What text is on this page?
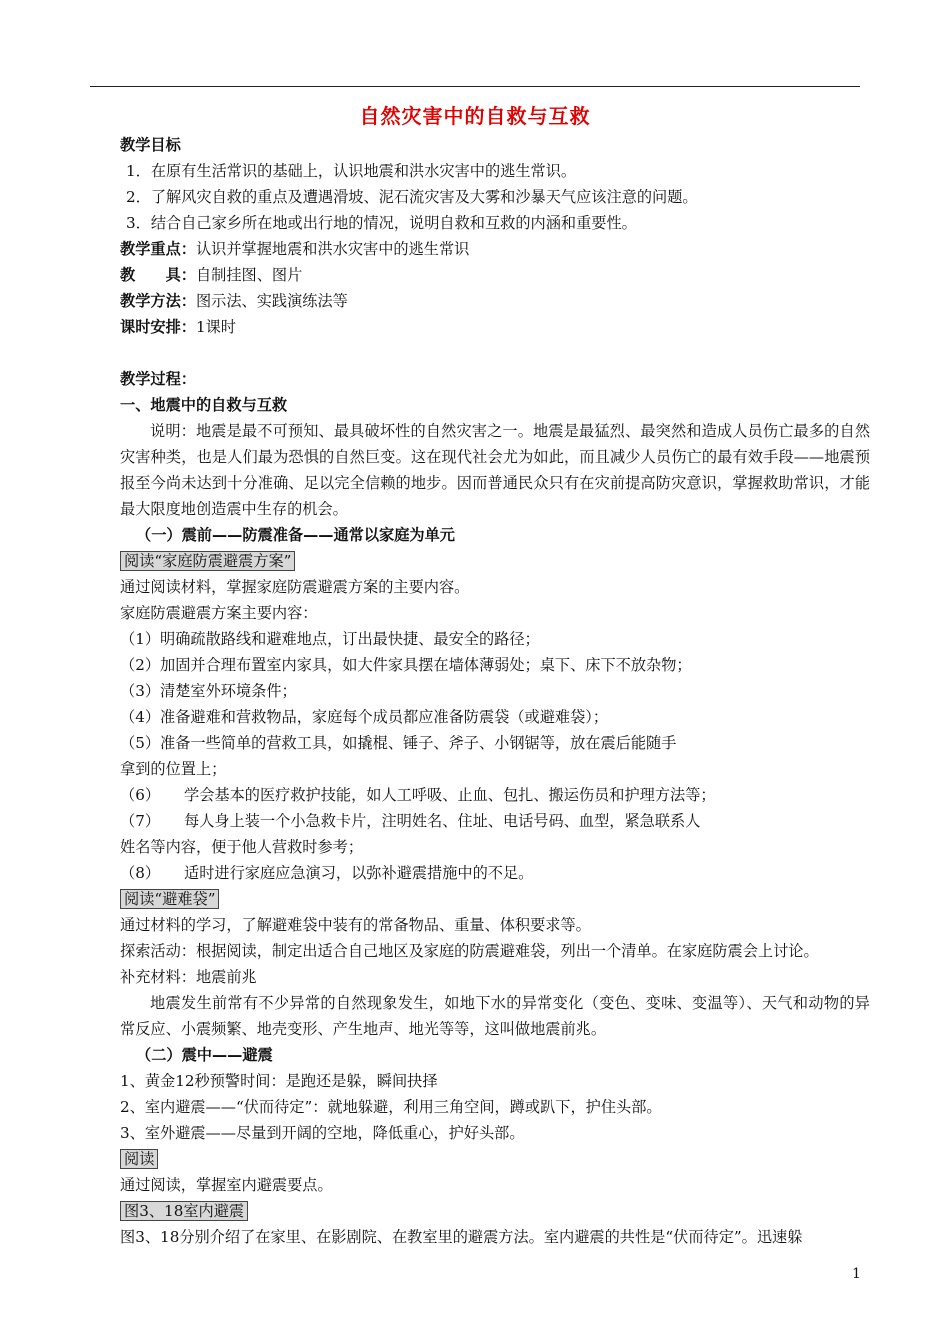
自然灾害中的自救与互救
教学目标
1．在原有生活常识的基础上，认识地震和洪水灾害中的逃生常识。
2．了解风灾自救的重点及遭遇滑坡、泥石流灾害及大雾和沙暴天气应该注意的问题。
3．结合自己家乡所在地或出行地的情况，说明自救和互救的内涵和重要性。
教学重点：认识并掌握地震和洪水灾害中的逃生常识
教　　具：自制挂图、图片
教学方法：图示法、实践演练法等
课时安排：1课时
教学过程：
一、地震中的自救与互救
说明：地震是最不可预知、最具破坏性的自然灾害之一。地震是最猛烈、最突然和造成人员伤亡最多的自然灾害种类，也是人们最为恐惧的自然巨变。这在现代社会尤为如此，而且减少人员伤亡的最有效手段——地震预报至今尚未达到十分准确、足以完全信赖的地步。因而普通民众只有在灾前提高防灾意识，掌握救助常识，才能最大限度地创造震中生存的机会。
（一）震前——防震准备——通常以家庭为单元
阅读“家庭防震避震方案”
通过阅读材料，掌握家庭防震避震方案的主要内容。
家庭防震避震方案主要内容：
（1）明确疏散路线和避难地点，订出最快捷、最安全的路径；
（2）加固并合理布置室内家具，如大件家具摆在墙体薄弱处；桌下、床下不放杂物；
（3）清楚室外环境条件；
（4）准备避难和营救物品，家庭每个成员都应准备防震袋（或避难袋）；
（5）准备一些简单的营救工具，如撬棍、锤子、斧子、小钢锯等，放在震后能随手
拿到的位置上；
（6） 学会基本的医疗救护技能，如人工呼吸、止血、包扎、搬运伤员和护理方法等；
（7） 每人身上装一个小急救卡片，注明姓名、住址、电话号码、血型，紧急联系人
姓名等内容，便于他人营救时参考；
（8） 适时进行家庭应急演习，以弥补避震措施中的不足。
阅读“避难袋”
通过材料的学习，了解避难袋中装有的常备物品、重量、体积要求等。
探索活动：根据阅读，制定出适合自己地区及家庭的防震避难袋，列出一个清单。在家庭防震会上讨论。
补充材料：地震前兆
地震发生前常有不少异常的自然现象发生，如地下水的异常变化（变色、变味、变温等）、天气和动物的异常反应、小震频繁、地壳变形、产生地声、地光等等，这叫做地震前兆。
（二）震中——避震
1、黄金12秒预警时间：是跑还是躲，瞬间抉择
2、室内避震——“伏而待定”：就地躲避，利用三角空间，蹲或趴下，护住头部。
3、室外避震——尽量到开阔的空地，降低重心，护好头部。
阅读
通过阅读，掌握室内避震要点。
图3、18室内避震
图3、18分别介绍了在家里、在影剧院、在教室里的避震方法。室内避震的共性是“伏而待定”。迅速躲
1
